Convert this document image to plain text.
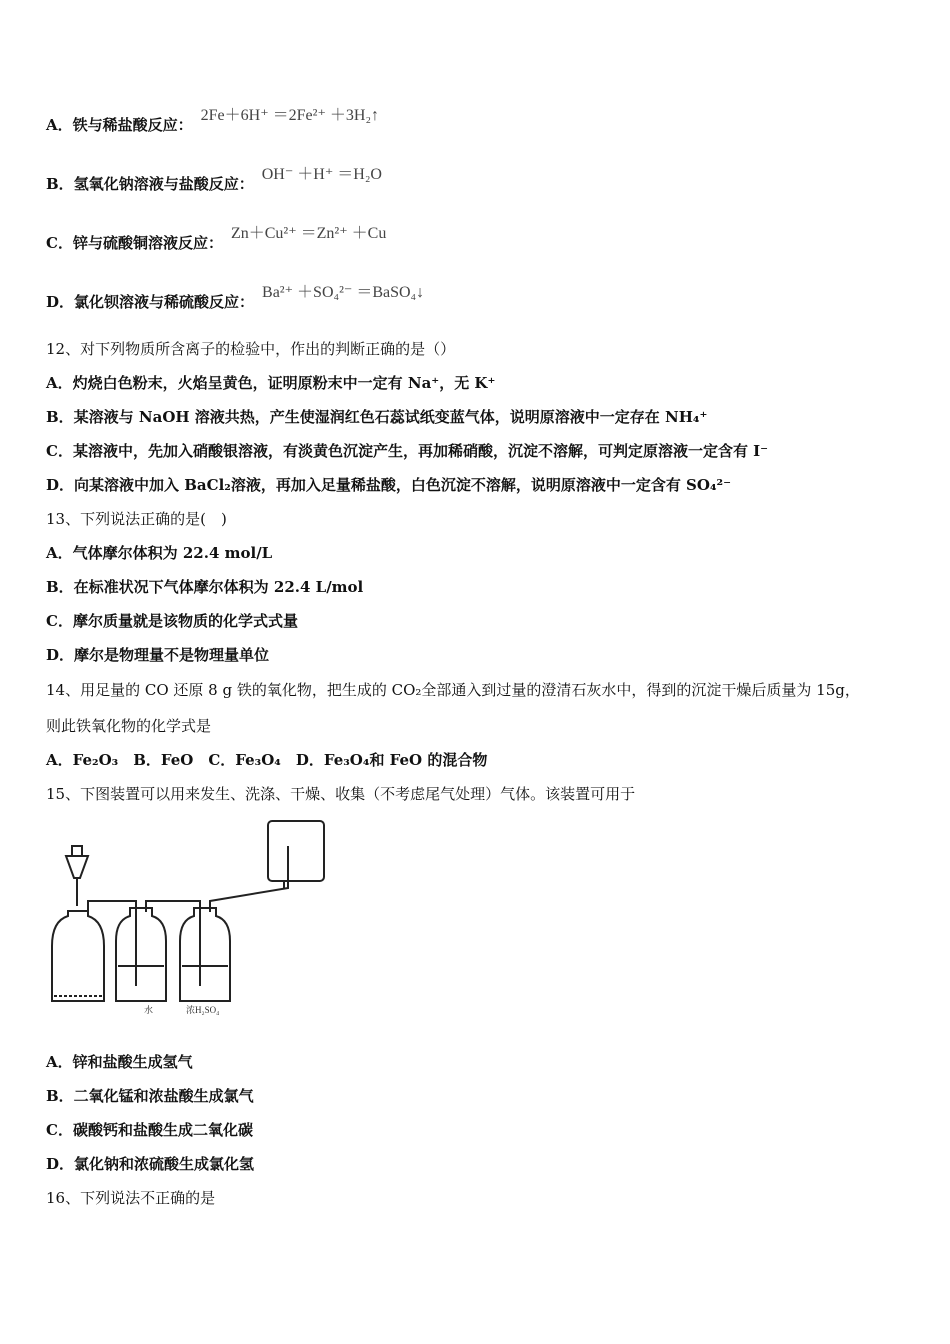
A．铁与稀盐酸反应：2Fe＋6H⁺ ＝2Fe²⁺ ＋3H₂↑
B．氢氧化钠溶液与盐酸反应：OH⁻ ＋H⁺ ＝H₂O
C．锌与硫酸铜溶液反应：Zn＋Cu²⁺ ＝Zn²⁺ ＋Cu
D．氯化钡溶液与稀硫酸反应：Ba²⁺ ＋SO₄²⁻ ＝BaSO₄↓
12、对下列物质所含离子的检验中，作出的判断正确的是（）
A．灼烧白色粉末，火焰呈黄色，证明原粉末中一定有 Na⁺，无 K⁺
B．某溶液与 NaOH 溶液共热，产生使湿润红色石蕊试纸变蓝气体，说明原溶液中一定存在 NH₄⁺
C．某溶液中，先加入硝酸银溶液，有淡黄色沉淀产生，再加稀硝酸，沉淀不溶解，可判定原溶液一定含有 I⁻
D．向某溶液中加入 BaCl₂溶液，再加入足量稀盐酸，白色沉淀不溶解，说明原溶液中一定含有 SO₄²⁻
13、下列说法正确的是(　)
A．气体摩尔体积为 22.4 mol/L
B．在标准状况下气体摩尔体积为 22.4 L/mol
C．摩尔质量就是该物质的化学式式量
D．摩尔是物理量不是物理量单位
14、用足量的 CO 还原 8 g 铁的氧化物，把生成的 CO₂全部通入到过量的澄清石灰水中，得到的沉淀干燥后质量为 15g，
则此铁氧化物的化学式是
A．Fe₂O₃　B．FeO　C．Fe₃O₄　D．Fe₃O₄和 FeO 的混合物
15、下图装置可以用来发生、洗涤、干燥、收集（不考虑尾气处理）气体。该装置可用于
水	浓H₂SO₄
A．锌和盐酸生成氢气
B．二氧化锰和浓盐酸生成氯气
C．碳酸钙和盐酸生成二氧化碳
D．氯化钠和浓硫酸生成氯化氢
16、下列说法不正确的是
